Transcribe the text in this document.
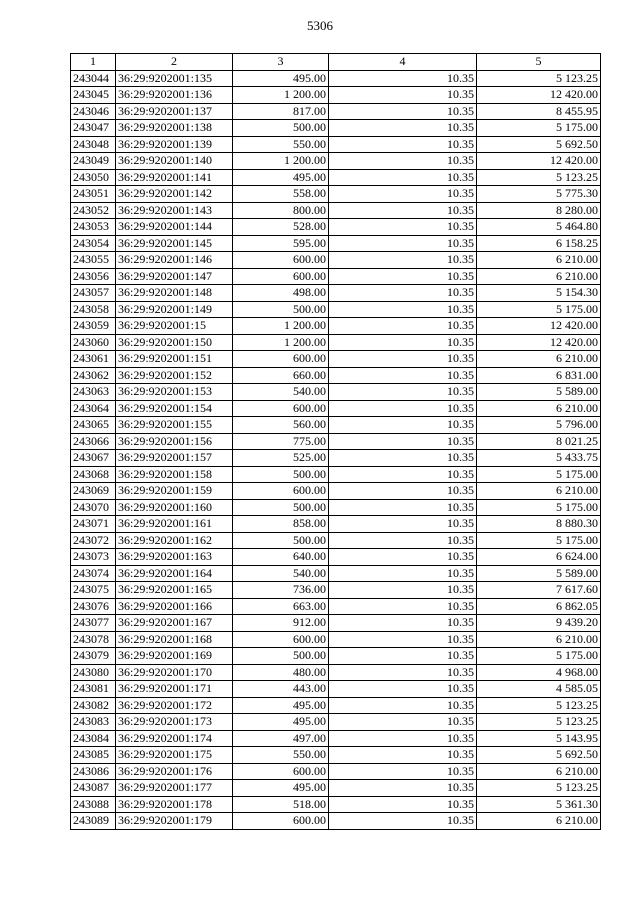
5306
1	2	3	4	5
243044	36:29:9202001:135	495.00	10.35	5 123.25
243045	36:29:9202001:136	1 200.00	10.35	12 420.00
243046	36:29:9202001:137	817.00	10.35	8 455.95
243047	36:29:9202001:138	500.00	10.35	5 175.00
243048	36:29:9202001:139	550.00	10.35	5 692.50
243049	36:29:9202001:140	1 200.00	10.35	12 420.00
243050	36:29:9202001:141	495.00	10.35	5 123.25
243051	36:29:9202001:142	558.00	10.35	5 775.30
243052	36:29:9202001:143	800.00	10.35	8 280.00
243053	36:29:9202001:144	528.00	10.35	5 464.80
243054	36:29:9202001:145	595.00	10.35	6 158.25
243055	36:29:9202001:146	600.00	10.35	6 210.00
243056	36:29:9202001:147	600.00	10.35	6 210.00
243057	36:29:9202001:148	498.00	10.35	5 154.30
243058	36:29:9202001:149	500.00	10.35	5 175.00
243059	36:29:9202001:15	1 200.00	10.35	12 420.00
243060	36:29:9202001:150	1 200.00	10.35	12 420.00
243061	36:29:9202001:151	600.00	10.35	6 210.00
243062	36:29:9202001:152	660.00	10.35	6 831.00
243063	36:29:9202001:153	540.00	10.35	5 589.00
243064	36:29:9202001:154	600.00	10.35	6 210.00
243065	36:29:9202001:155	560.00	10.35	5 796.00
243066	36:29:9202001:156	775.00	10.35	8 021.25
243067	36:29:9202001:157	525.00	10.35	5 433.75
243068	36:29:9202001:158	500.00	10.35	5 175.00
243069	36:29:9202001:159	600.00	10.35	6 210.00
243070	36:29:9202001:160	500.00	10.35	5 175.00
243071	36:29:9202001:161	858.00	10.35	8 880.30
243072	36:29:9202001:162	500.00	10.35	5 175.00
243073	36:29:9202001:163	640.00	10.35	6 624.00
243074	36:29:9202001:164	540.00	10.35	5 589.00
243075	36:29:9202001:165	736.00	10.35	7 617.60
243076	36:29:9202001:166	663.00	10.35	6 862.05
243077	36:29:9202001:167	912.00	10.35	9 439.20
243078	36:29:9202001:168	600.00	10.35	6 210.00
243079	36:29:9202001:169	500.00	10.35	5 175.00
243080	36:29:9202001:170	480.00	10.35	4 968.00
243081	36:29:9202001:171	443.00	10.35	4 585.05
243082	36:29:9202001:172	495.00	10.35	5 123.25
243083	36:29:9202001:173	495.00	10.35	5 123.25
243084	36:29:9202001:174	497.00	10.35	5 143.95
243085	36:29:9202001:175	550.00	10.35	5 692.50
243086	36:29:9202001:176	600.00	10.35	6 210.00
243087	36:29:9202001:177	495.00	10.35	5 123.25
243088	36:29:9202001:178	518.00	10.35	5 361.30
243089	36:29:9202001:179	600.00	10.35	6 210.00
